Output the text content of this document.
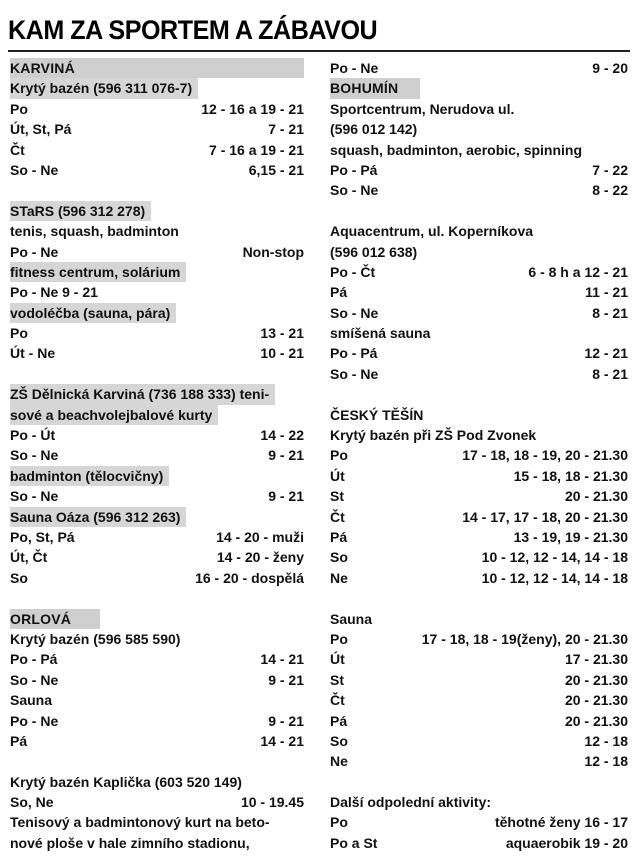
KAM ZA SPORTEM A ZÁBAVOU
KARVINÁ
Krytý bazén (596 311 076-7)
Po	12 - 16 a 19 - 21
Út, St, Pá	7 - 21
Čt	7 - 16 a 19 - 21
So - Ne	6,15 - 21
STaRS (596 312 278)
tenis, squash, badminton
Po - Ne	Non-stop
fitness centrum, solárium
Po - Ne 9 - 21
vodoléčba (sauna, pára)
Po	13 - 21
Út - Ne	10 - 21
ZŠ Dělnická Karviná (736 188 333) teni-
sové a beachvolejbalové kurty
Po - Út	14 - 22
So - Ne	9 - 21
badminton (tělocvičny)
So - Ne	9 - 21
Sauna Oáza (596 312 263)
Po, St, Pá	14 - 20 - muži
Út, Čt	14 - 20 - ženy
So	16 - 20 - dospělá
ORLOVÁ
Krytý bazén (596 585 590)
Po - Pá	14 - 21
So - Ne	9 - 21
Sauna
Po - Ne	9 - 21
Pá	14 - 21
Krytý bazén Kaplička (603 520 149)
So, Ne	10 - 19.45
Tenisový a badmintonový kurt na beto-
nové ploše v hale zimního stadionu,
Po - Ne	9 - 20
BOHUMÍN
Sportcentrum, Nerudova ul.
(596 012 142)
squash, badminton, aerobic, spinning
Po - Pá	7 - 22
So - Ne	8 - 22
Aquacentrum, ul. Koperníkova
(596 012 638)
Po - Čt	6 - 8 h a 12 - 21
Pá	11 - 21
So - Ne	8 - 21
smíšená sauna
Po - Pá	12 - 21
So - Ne	8 - 21
ČESKÝ TĚŠÍN
Krytý bazén při ZŠ Pod Zvonek
Po	17 - 18, 18 - 19, 20 - 21.30
Út	15 - 18, 18 - 21.30
St	20 - 21.30
Čt	14 - 17, 17 - 18, 20 - 21.30
Pá	13 - 19, 19 - 21.30
So	10 - 12, 12 - 14, 14 - 18
Ne	10 - 12, 12 - 14, 14 - 18
Sauna
Po	17 - 18, 18 - 19(ženy), 20 - 21.30
Út	17 - 21.30
St	20 - 21.30
Čt	20 - 21.30
Pá	20 - 21.30
So	12 - 18
Ne	12 - 18
Další odpolední aktivity:
Po	těhotné ženy 16 - 17
Po a St	aquaerobik 19 - 20
